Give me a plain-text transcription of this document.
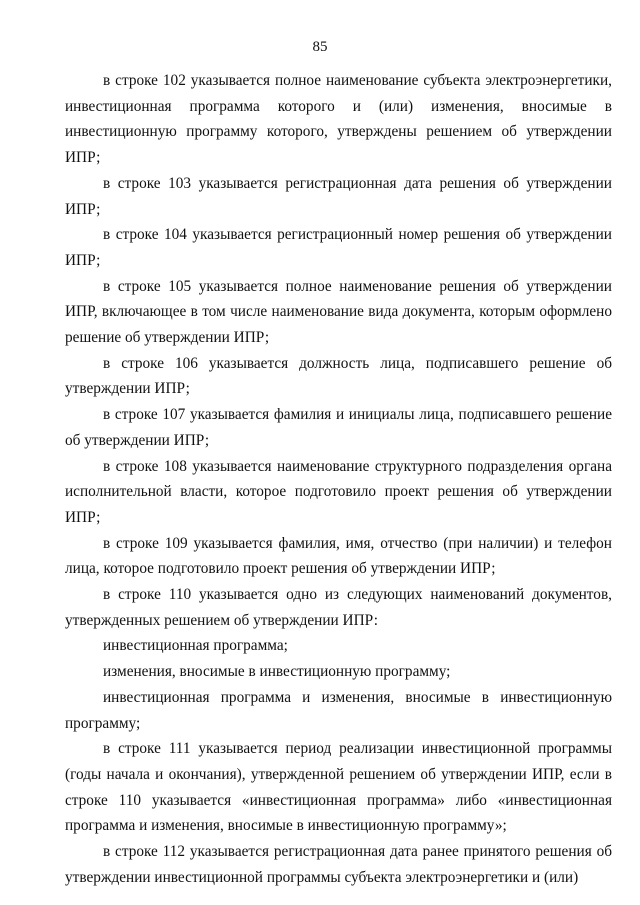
85

в строке 102 указывается полное наименование субъекта электроэнергетики, инвестиционная программа которого и (или) изменения, вносимые в инвестиционную программу которого, утверждены решением об утверждении ИПР;

в строке 103 указывается регистрационная дата решения об утверждении ИПР;

в строке 104 указывается регистрационный номер решения об утверждении ИПР;

в строке 105 указывается полное наименование решения об утверждении ИПР, включающее в том числе наименование вида документа, которым оформлено решение об утверждении ИПР;

в строке 106 указывается должность лица, подписавшего решение об утверждении ИПР;

в строке 107 указывается фамилия и инициалы лица, подписавшего решение об утверждении ИПР;

в строке 108 указывается наименование структурного подразделения органа исполнительной власти, которое подготовило проект решения об утверждении ИПР;

в строке 109 указывается фамилия, имя, отчество (при наличии) и телефон лица, которое подготовило проект решения об утверждении ИПР;

в строке 110 указывается одно из следующих наименований документов, утвержденных решением об утверждении ИПР:

инвестиционная программа;

изменения, вносимые в инвестиционную программу;

инвестиционная программа и изменения, вносимые в инвестиционную программу;

в строке 111 указывается период реализации инвестиционной программы (годы начала и окончания), утвержденной решением об утверждении ИПР, если в строке 110 указывается «инвестиционная программа» либо «инвестиционная программа и изменения, вносимые в инвестиционную программу»;

в строке 112 указывается регистрационная дата ранее принятого решения об утверждении инвестиционной программы субъекта электроэнергетики и (или)
